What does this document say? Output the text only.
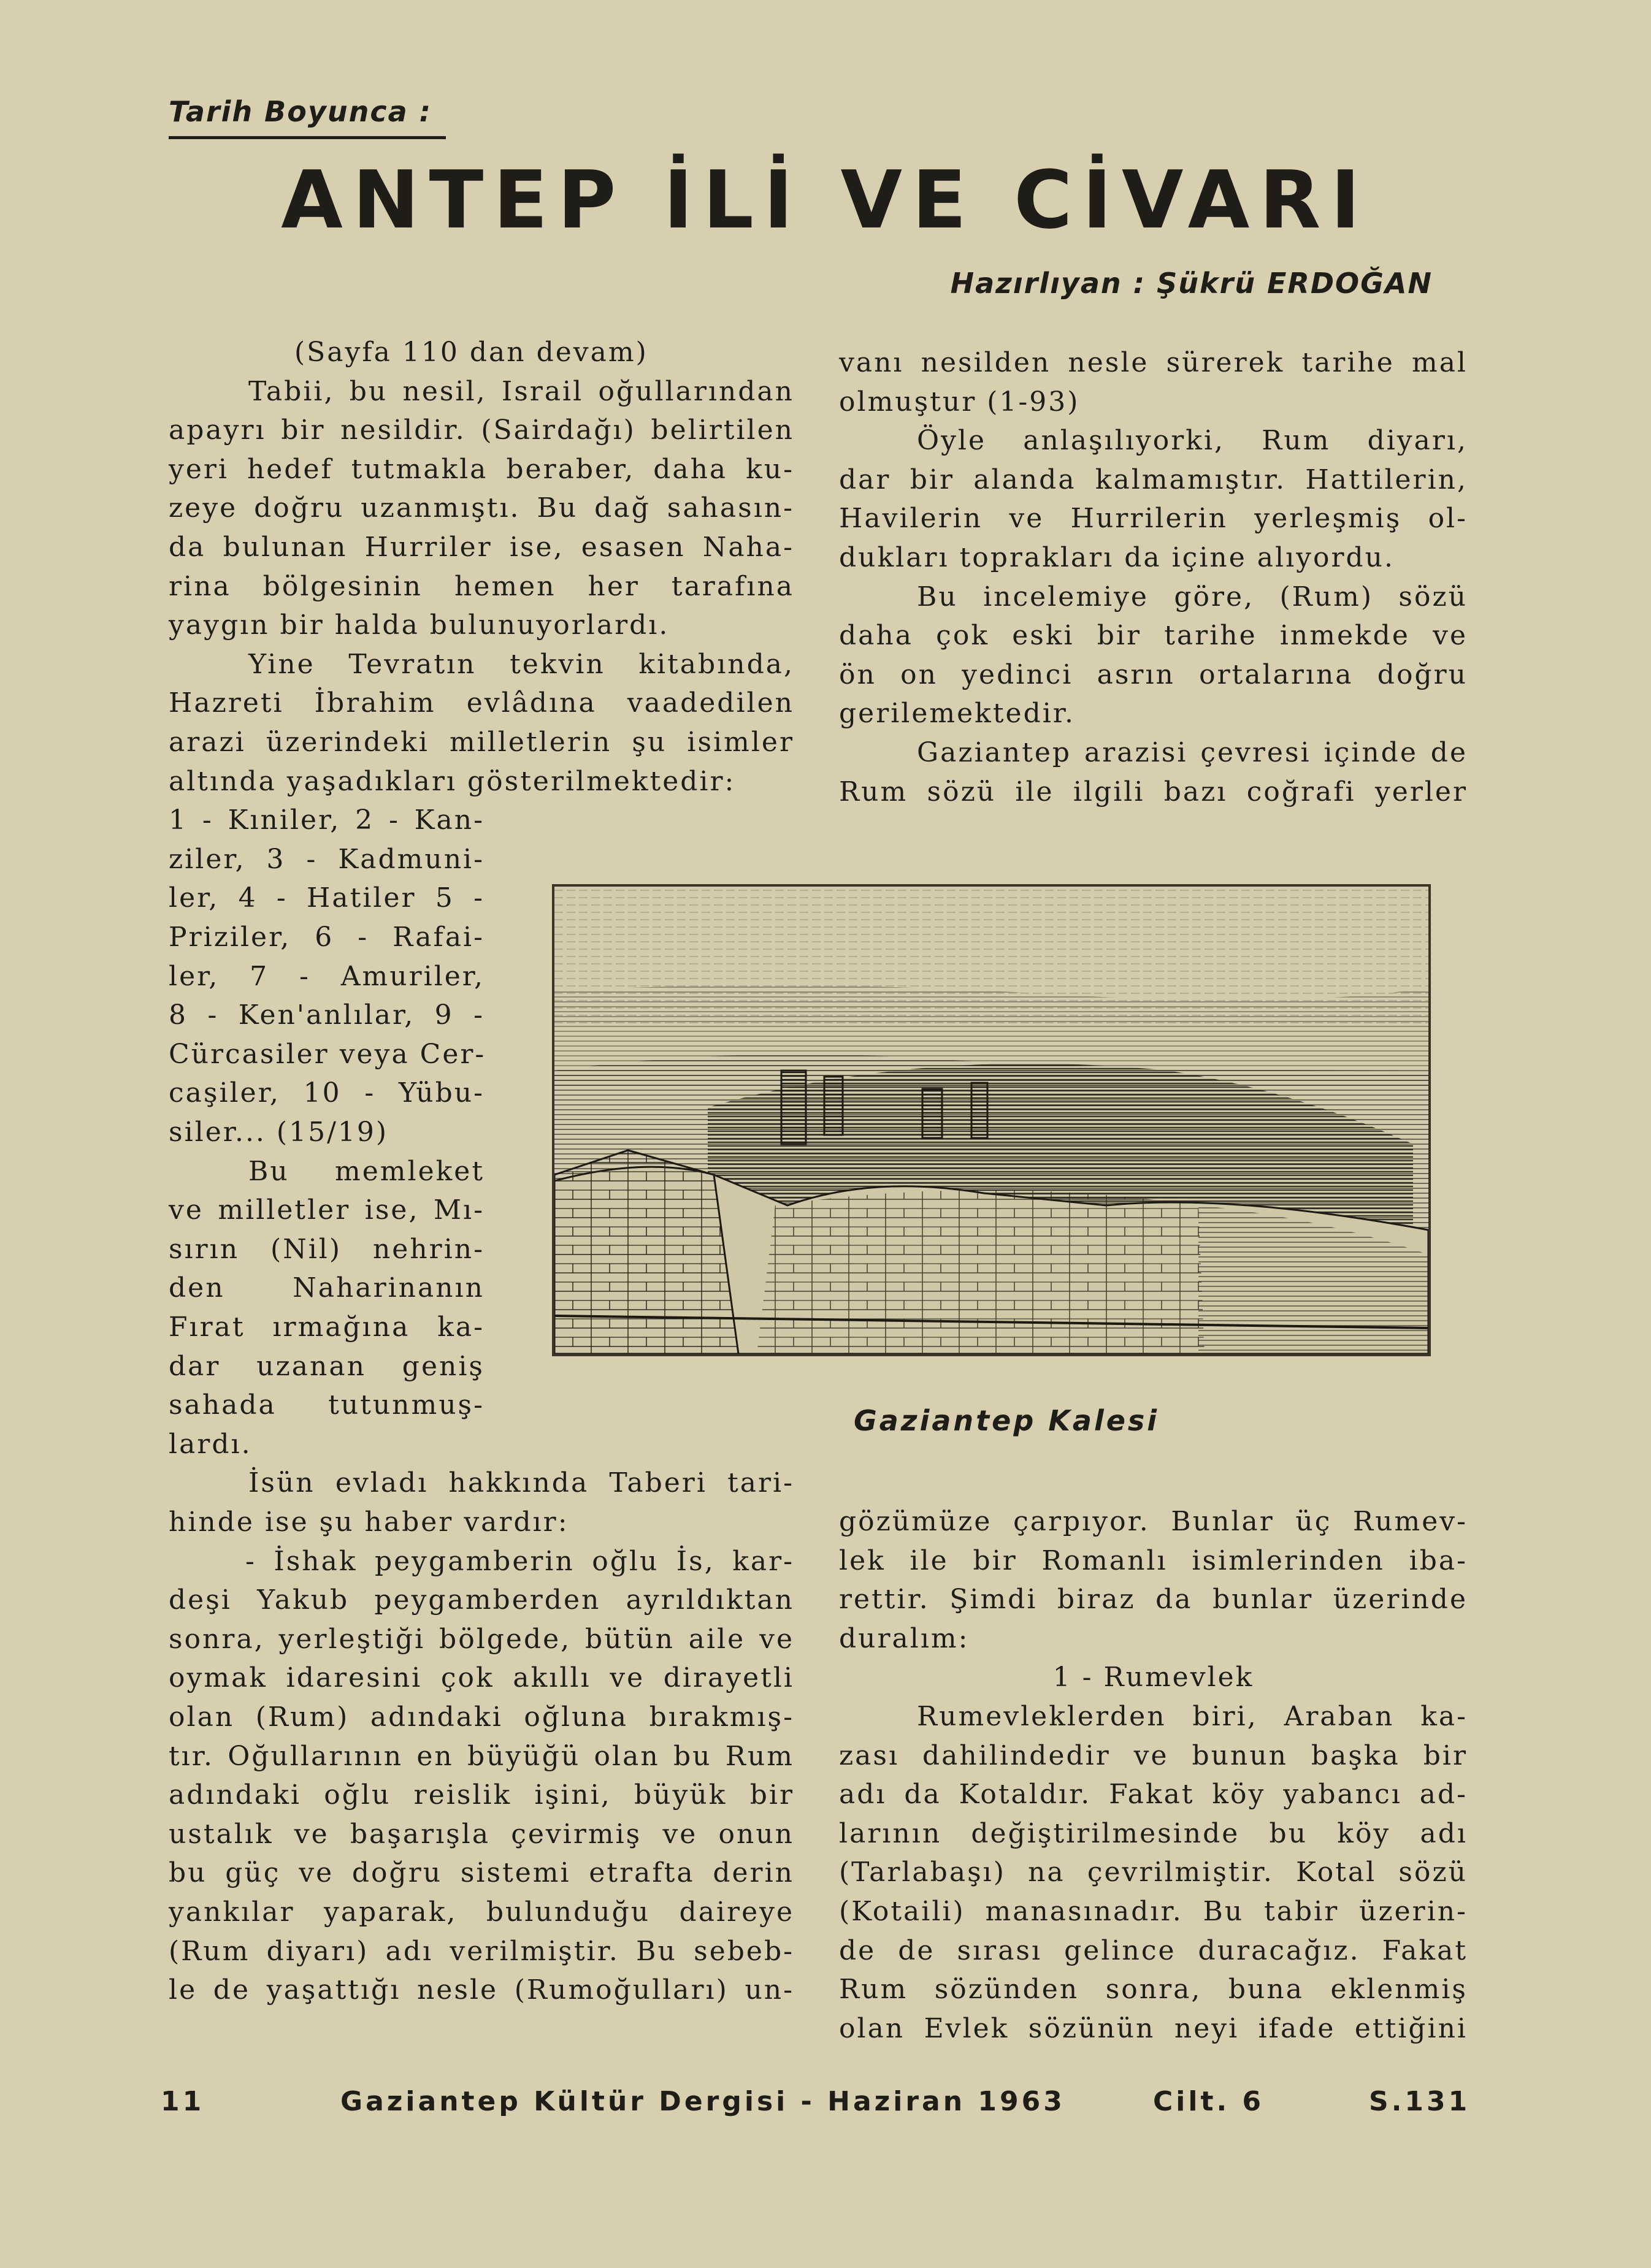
Tarih Boyunca :
ANTEP İLİ VE CİVARI
Hazırlıyan : Şükrü ERDOĞAN
(Sayfa 110 dan devam)
Tabii, bu nesil, Israil oğullarından
apayrı bir nesildir. (Sairdağı) belirtilen
yeri hedef tutmakla beraber, daha ku-
zeye doğru uzanmıştı. Bu dağ sahasın-
da bulunan Hurriler ise, esasen Naha-
rina bölgesinin hemen her tarafına
yaygın bir halda bulunuyorlardı.
Yine Tevratın tekvin kitabında,
Hazreti İbrahim evlâdına vaadedilen
arazi üzerindeki milletlerin şu isimler
altında yaşadıkları gösterilmektedir:
1 - Kıniler, 2 - Kan-
ziler, 3 - Kadmuni-
ler, 4 - Hatiler 5 -
Priziler, 6 - Rafai-
ler, 7 - Amuriler,
8 - Ken'anlılar, 9 -
Cürcasiler veya Cer-
caşiler, 10 - Yübu-
siler... (15/19)
Bu memleket
ve milletler ise, Mı-
sırın (Nil) nehrin-
den Naharinanın
Fırat ırmağına ka-
dar uzanan geniş
sahada tutunmuş-
lardı.
İsün evladı hakkında Taberi tari-
hinde ise şu haber vardır:
- İshak peygamberin oğlu İs, kar-
deşi Yakub peygamberden ayrıldıktan
sonra, yerleştiği bölgede, bütün aile ve
oymak idaresini çok akıllı ve dirayetli
olan (Rum) adındaki oğluna bırakmış-
tır. Oğullarının en büyüğü olan bu Rum
adındaki oğlu reislik işini, büyük bir
ustalık ve başarışla çevirmiş ve onun
bu güç ve doğru sistemi etrafta derin
yankılar yaparak, bulunduğu daireye
(Rum diyarı) adı verilmiştir. Bu sebeb-
le de yaşattığı nesle (Rumoğulları) un-
vanı nesilden nesle sürerek tarihe mal
olmuştur (1-93)
Öyle anlaşılıyorki, Rum diyarı,
dar bir alanda kalmamıştır. Hattilerin,
Havilerin ve Hurrilerin yerleşmiş ol-
dukları toprakları da içine alıyordu.
Bu incelemiye göre, (Rum) sözü
daha çok eski bir tarihe inmekde ve
ön on yedinci asrın ortalarına doğru
gerilemektedir.
Gaziantep arazisi çevresi içinde de
Rum sözü ile ilgili bazı coğrafi yerler
gözümüze çarpıyor. Bunlar üç Rumev-
lek ile bir Romanlı isimlerinden iba-
rettir. Şimdi biraz da bunlar üzerinde
duralım:
1 - Rumevlek
Rumevleklerden biri, Araban ka-
zası dahilindedir ve bunun başka bir
adı da Kotaldır. Fakat köy yabancı ad-
larının değiştirilmesinde bu köy adı
(Tarlabaşı) na çevrilmiştir. Kotal sözü
(Kotaili) manasınadır. Bu tabir üzerin-
de de sırası gelince duracağız. Fakat
Rum sözünden sonra, buna eklenmiş
olan Evlek sözünün neyi ifade ettiğini
Gaziantep Kalesi
11	Gaziantep Kültür Dergisi - Haziran 1963	Cilt. 6	S.131
